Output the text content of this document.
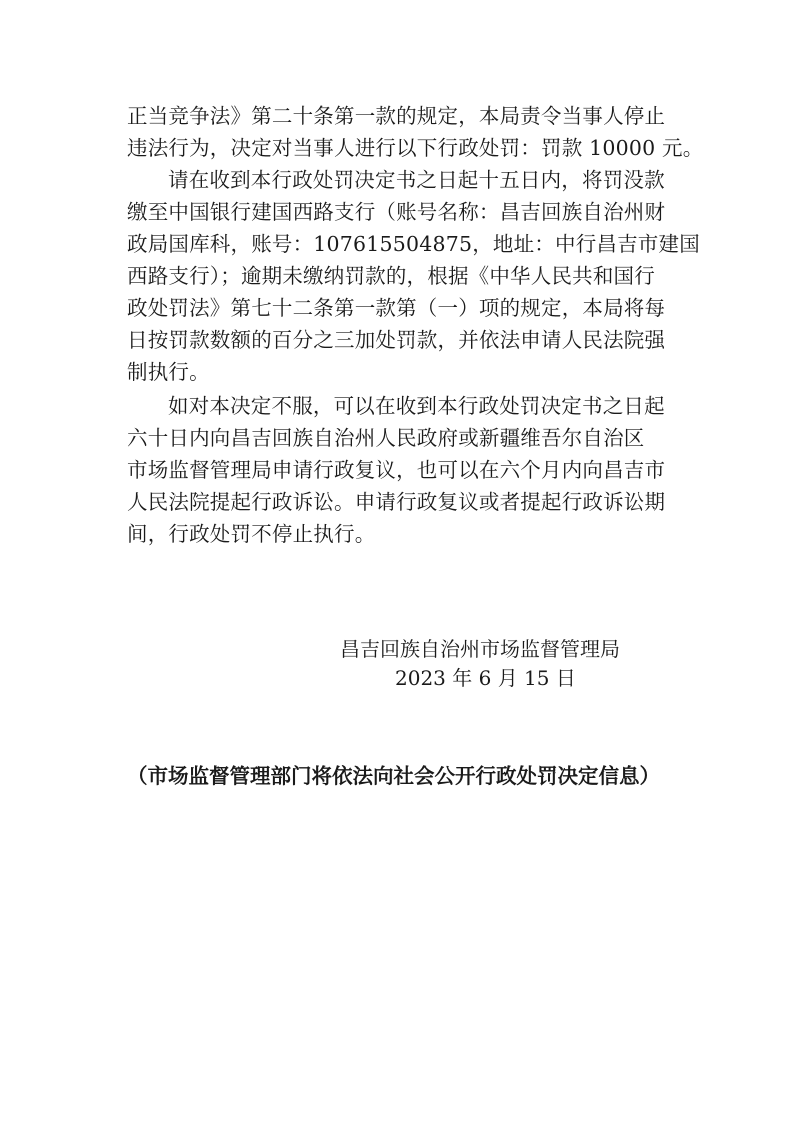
正当竞争法》第二十条第一款的规定，本局责令当事人停止
违法行为，决定对当事人进行以下行政处罚：罚款 10000 元。
请在收到本行政处罚决定书之日起十五日内，将罚没款
缴至中国银行建国西路支行（账号名称：昌吉回族自治州财
政局国库科，账号：107615504875，地址：中行昌吉市建国
西路支行）；逾期未缴纳罚款的，根据《中华人民共和国行
政处罚法》第七十二条第一款第（一）项的规定，本局将每
日按罚款数额的百分之三加处罚款，并依法申请人民法院强
制执行。
如对本决定不服，可以在收到本行政处罚决定书之日起
六十日内向昌吉回族自治州人民政府或新疆维吾尔自治区
市场监督管理局申请行政复议，也可以在六个月内向昌吉市
人民法院提起行政诉讼。申请行政复议或者提起行政诉讼期
间，行政处罚不停止执行。
昌吉回族自治州市场监督管理局
2023 年 6 月 15 日
（市场监督管理部门将依法向社会公开行政处罚决定信息）
